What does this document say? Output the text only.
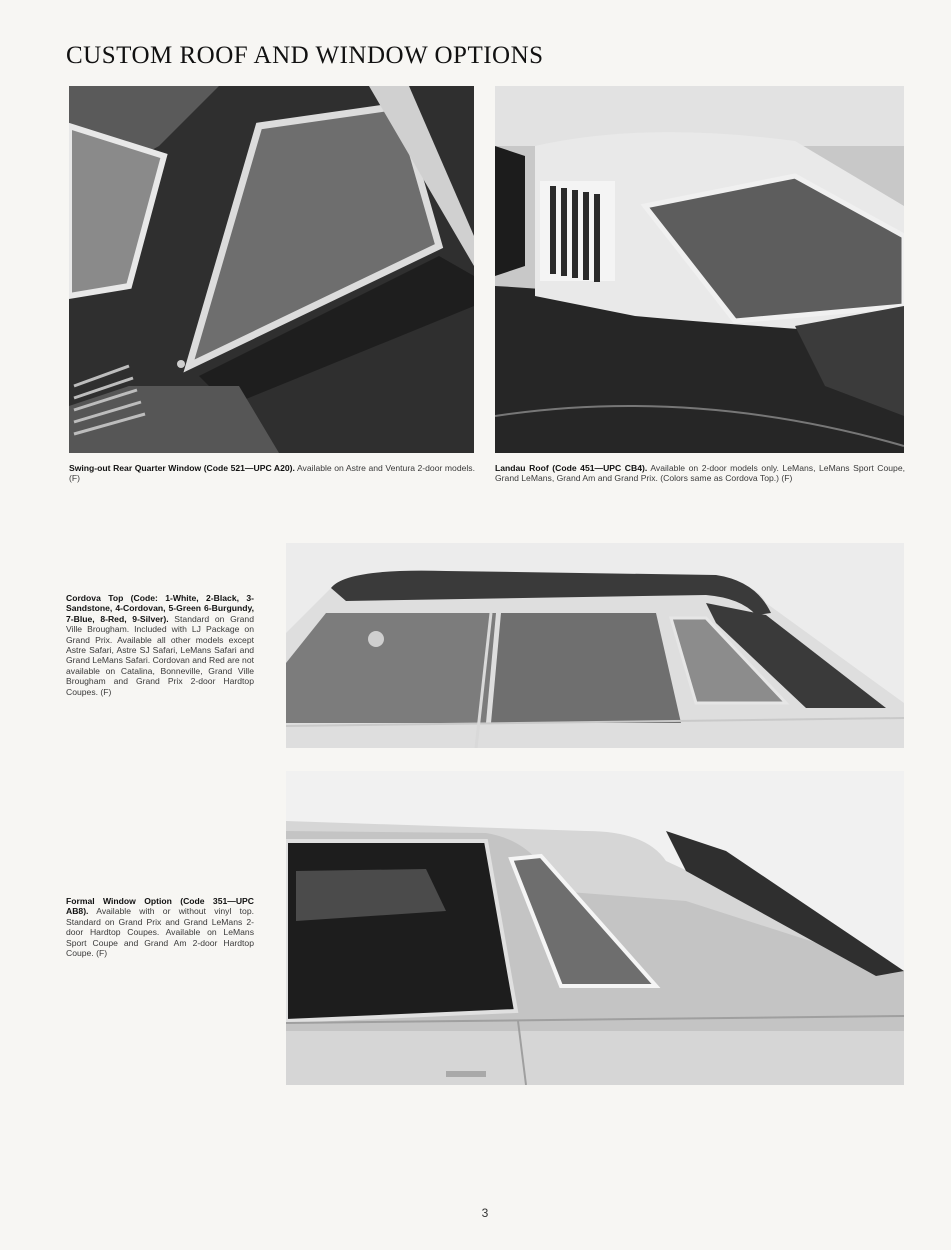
CUSTOM ROOF AND WINDOW OPTIONS
Swing-out Rear Quarter Window (Code 521—UPC A20). Available on Astre and Ventura 2-door models. (F)
Landau Roof (Code 451—UPC CB4). Available on 2-door models only. LeMans, LeMans Sport Coupe, Grand LeMans, Grand Am and Grand Prix. (Colors same as Cordova Top.) (F)
Cordova Top (Code: 1-White, 2-Black, 3-Sandstone, 4-Cordovan, 5-Green 6-Burgundy, 7-Blue, 8-Red, 9-Silver). Standard on Grand Ville Brougham. Included with LJ Package on Grand Prix. Available all other models except Astre Safari, Astre SJ Safari, LeMans Safari and Grand LeMans Safari. Cordovan and Red are not available on Catalina, Bonneville, Grand Ville Brougham and Grand Prix 2-door Hardtop Coupes. (F)
Formal Window Option (Code 351—UPC AB8). Available with or without vinyl top. Standard on Grand Prix and Grand LeMans 2-door Hardtop Coupes. Available on LeMans Sport Coupe and Grand Am 2-door Hardtop Coupe. (F)
3
